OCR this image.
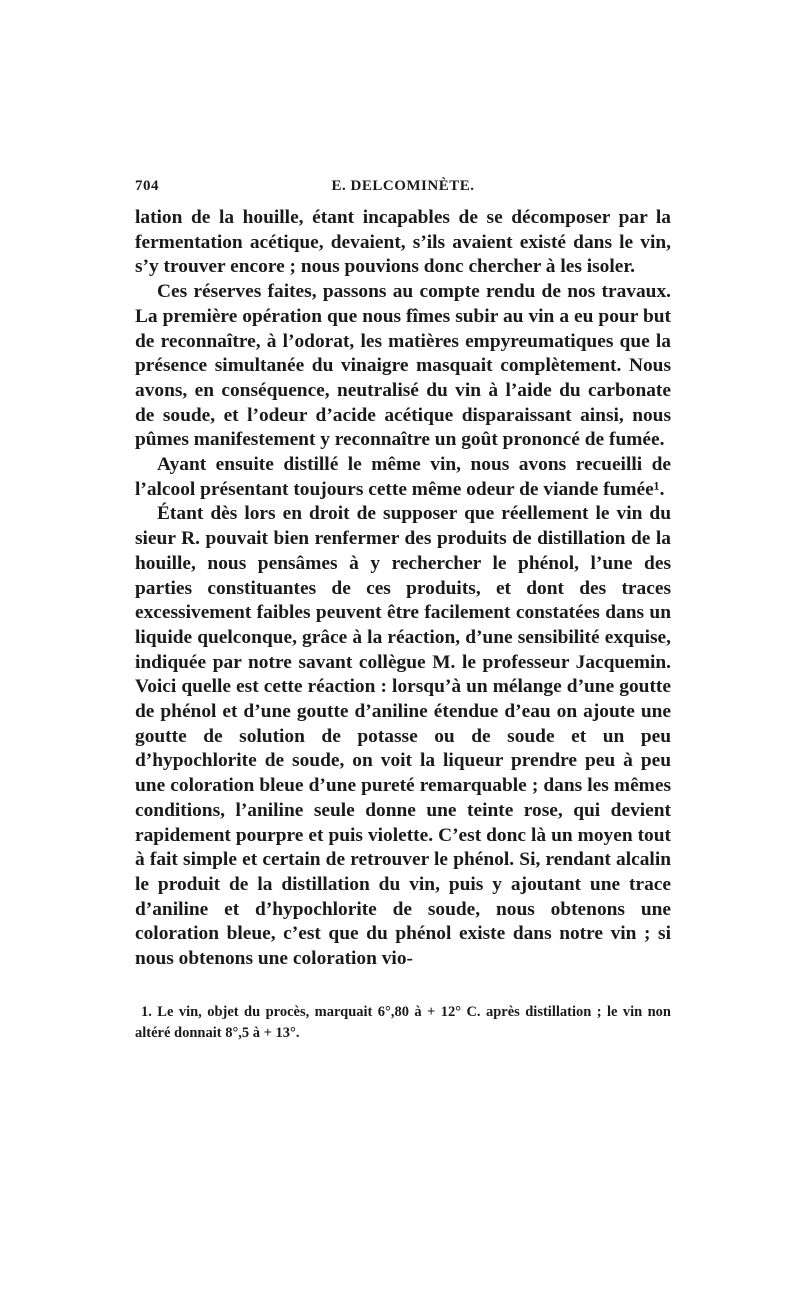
704	E. DELCOMINÈTE.

lation de la houille, étant incapables de se décomposer par la fermentation acétique, devaient, s’ils avaient existé dans le vin, s’y trouver encore ; nous pouvions donc chercher à les isoler.

Ces réserves faites, passons au compte rendu de nos travaux. La première opération que nous fîmes subir au vin a eu pour but de reconnaître, à l’odorat, les matières empyreumatiques que la présence simultanée du vinaigre masquait complètement. Nous avons, en conséquence, neutralisé du vin à l’aide du carbonate de soude, et l’odeur d’acide acétique disparaissant ainsi, nous pûmes manifestement y reconnaître un goût prononcé de fumée.

Ayant ensuite distillé le même vin, nous avons recueilli de l’alcool présentant toujours cette même odeur de viande fumée¹.

Étant dès lors en droit de supposer que réellement le vin du sieur R. pouvait bien renfermer des produits de distillation de la houille, nous pensâmes à y rechercher le phénol, l’une des parties constituantes de ces produits, et dont des traces excessivement faibles peuvent être facilement constatées dans un liquide quelconque, grâce à la réaction, d’une sensibilité exquise, indiquée par notre savant collègue M. le professeur Jacquemin. Voici quelle est cette réaction : lorsqu’à un mélange d’une goutte de phénol et d’une goutte d’aniline étendue d’eau on ajoute une goutte de solution de potasse ou de soude et un peu d’hypochlorite de soude, on voit la liqueur prendre peu à peu une coloration bleue d’une pureté remarquable ; dans les mêmes conditions, l’aniline seule donne une teinte rose, qui devient rapidement pourpre et puis violette. C’est donc là un moyen tout à fait simple et certain de retrouver le phénol. Si, rendant alcalin le produit de la distillation du vin, puis y ajoutant une trace d’aniline et d’hypochlorite de soude, nous obtenons une coloration bleue, c’est que du phénol existe dans notre vin ; si nous obtenons une coloration vio-

1. Le vin, objet du procès, marquait 6°,80 à + 12° C. après distillation ; le vin non altéré donnait 8°,5 à + 13°.
